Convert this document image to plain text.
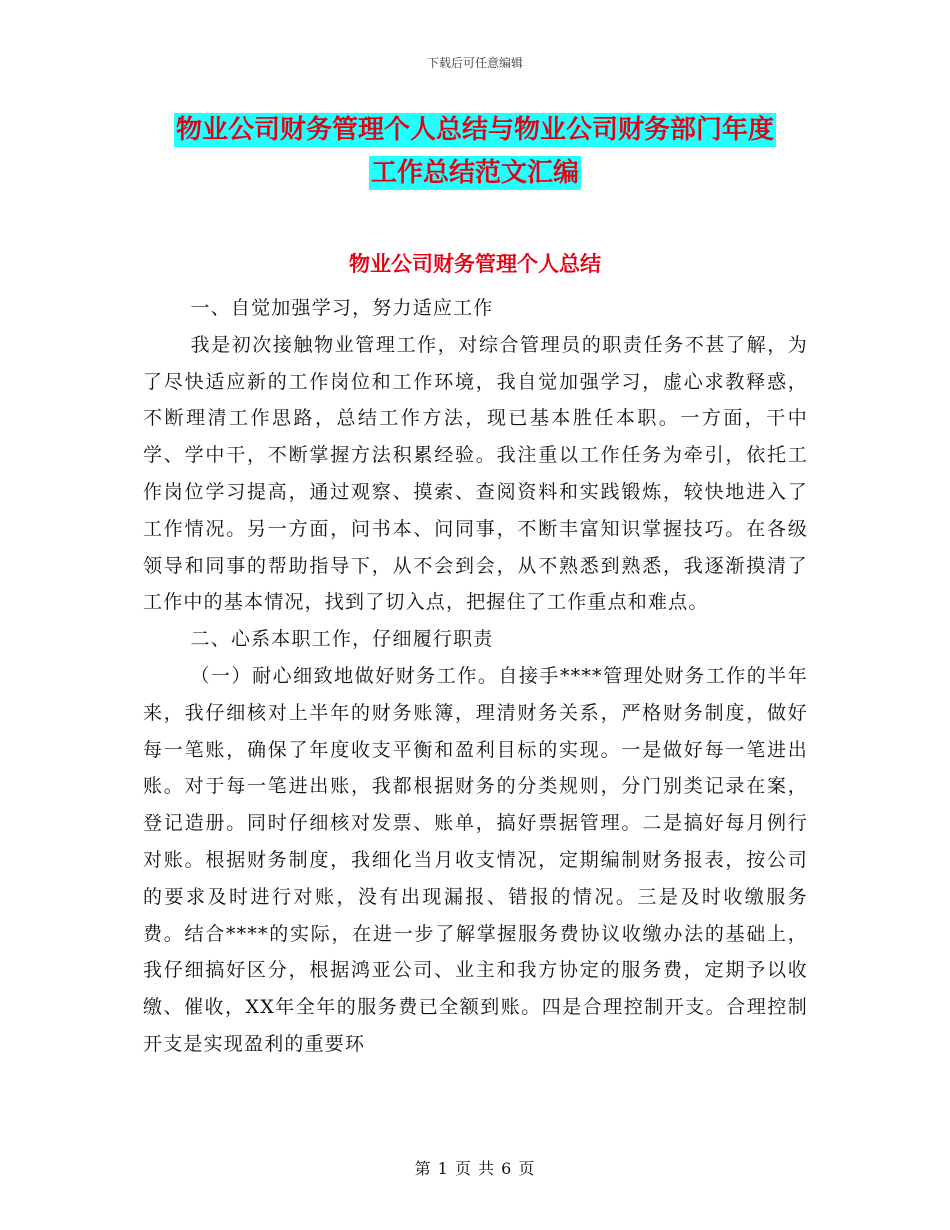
下载后可任意编辑
物业公司财务管理个人总结与物业公司财务部门年度
工作总结范文汇编
物业公司财务管理个人总结

一、自觉加强学习，努力适应工作

我是初次接触物业管理工作，对综合管理员的职责任务不甚了解，为了尽快适应新的工作岗位和工作环境，我自觉加强学习，虚心求教释惑，不断理清工作思路，总结工作方法，现已基本胜任本职。一方面，干中学、学中干，不断掌握方法积累经验。我注重以工作任务为牵引，依托工作岗位学习提高，通过观察、摸索、查阅资料和实践锻炼，较快地进入了工作情况。另一方面，问书本、问同事，不断丰富知识掌握技巧。在各级领导和同事的帮助指导下，从不会到会，从不熟悉到熟悉，我逐渐摸清了工作中的基本情况，找到了切入点，把握住了工作重点和难点。

二、心系本职工作，仔细履行职责

（一）耐心细致地做好财务工作。自接手****管理处财务工作的半年来，我仔细核对上半年的财务账簿，理清财务关系，严格财务制度，做好每一笔账，确保了年度收支平衡和盈利目标的实现。一是做好每一笔进出账。对于每一笔进出账，我都根据财务的分类规则，分门别类记录在案，登记造册。同时仔细核对发票、账单，搞好票据管理。二是搞好每月例行对账。根据财务制度，我细化当月收支情况，定期编制财务报表，按公司的要求及时进行对账，没有出现漏报、错报的情况。三是及时收缴服务费。结合****的实际，在进一步了解掌握服务费协议收缴办法的基础上，我仔细搞好区分，根据鸿亚公司、业主和我方协定的服务费，定期予以收缴、催收，XX年全年的服务费已全额到账。四是合理控制开支。合理控制开支是实现盈利的重要环

第 1 页 共 6 页
